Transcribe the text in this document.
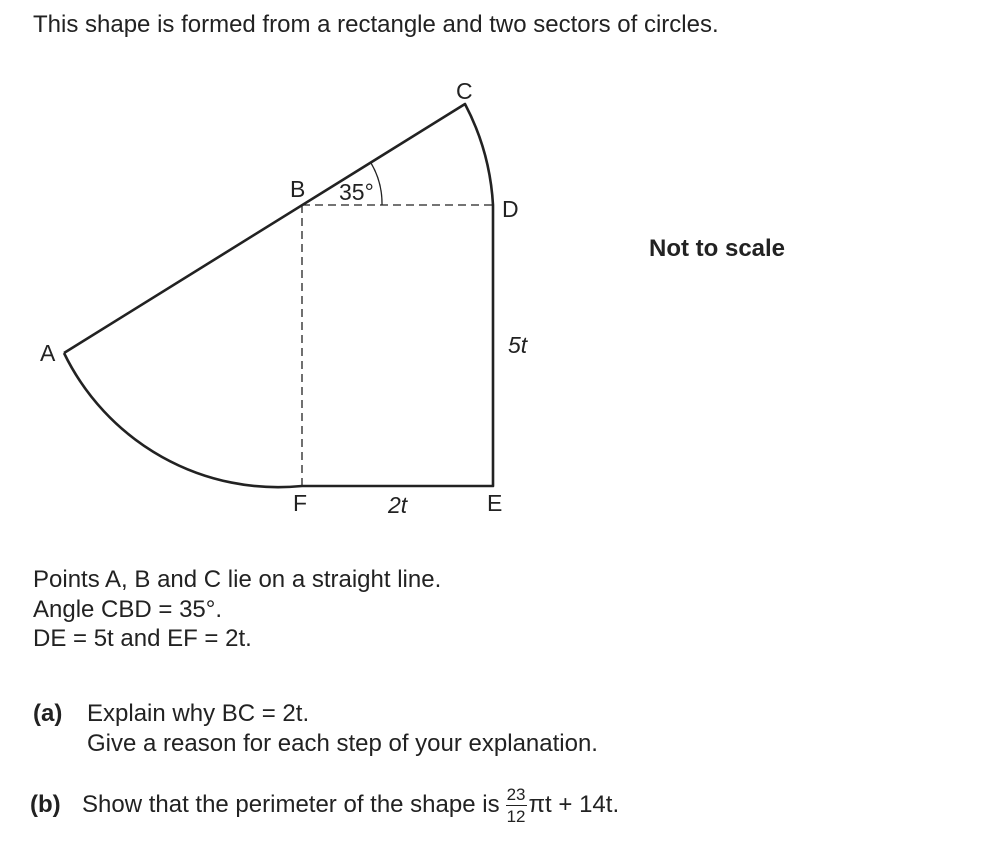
This shape is formed from a rectangle and two sectors of circles.
Not to scale
A
B
C
D
E
F
35°
5t
2t
Points A, B and C lie on a straight line.
Angle CBD = 35°.
DE = 5t and EF = 2t.
(a) Explain why BC = 2t.
Give a reason for each step of your explanation.
(b) Show that the perimeter of the shape is $\frac{23}{12}$ πt + 14t.
